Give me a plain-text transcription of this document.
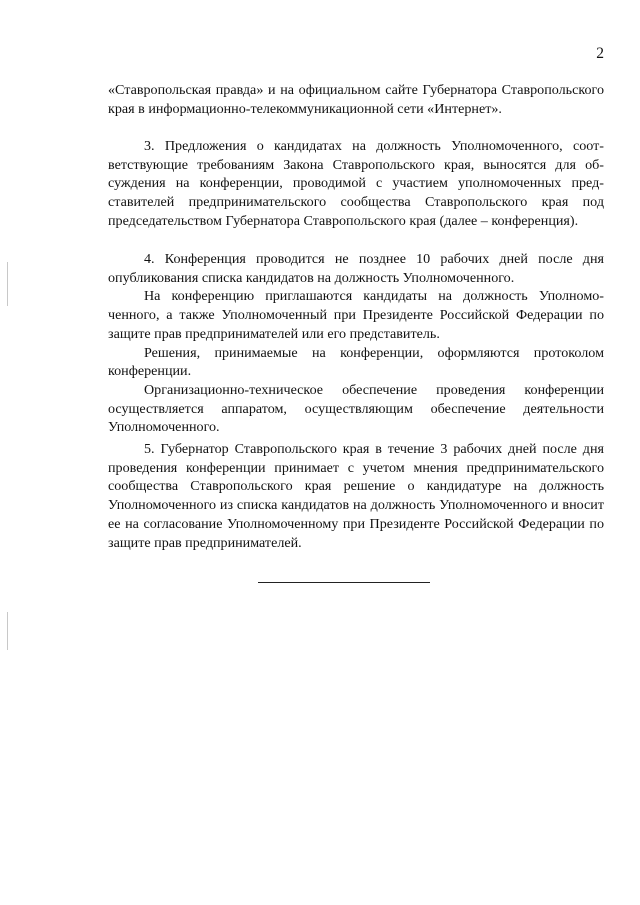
2

«Ставропольская правда» и на официальном сайте Губернатора Ставропольского края в информационно-телекоммуникационной сети «Интернет».

3. Предложения о кандидатах на должность Уполномоченного, соответствующие требованиям Закона Ставропольского края, выносятся для обсуждения на конференции, проводимой с участием уполномоченных представителей предпринимательского сообщества Ставропольского края под председательством Губернатора Ставропольского края (далее – конференция).

4. Конференция проводится не позднее 10 рабочих дней после дня опубликования списка кандидатов на должность Уполномоченного.

На конференцию приглашаются кандидаты на должность Уполномоченного, а также Уполномоченный при Президенте Российской Федерации по защите прав предпринимателей или его представитель.

Решения, принимаемые на конференции, оформляются протоколом конференции.

Организационно-техническое обеспечение проведения конференции осуществляется аппаратом, осуществляющим обеспечение деятельности Уполномоченного.

5. Губернатор Ставропольского края в течение 3 рабочих дней после дня проведения конференции принимает с учетом мнения предпринимательского сообщества Ставропольского края решение о кандидатуре на должность Уполномоченного из списка кандидатов на должность Уполномоченного и вносит ее на согласование Уполномоченному при Президенте Российской Федерации по защите прав предпринимателей.
